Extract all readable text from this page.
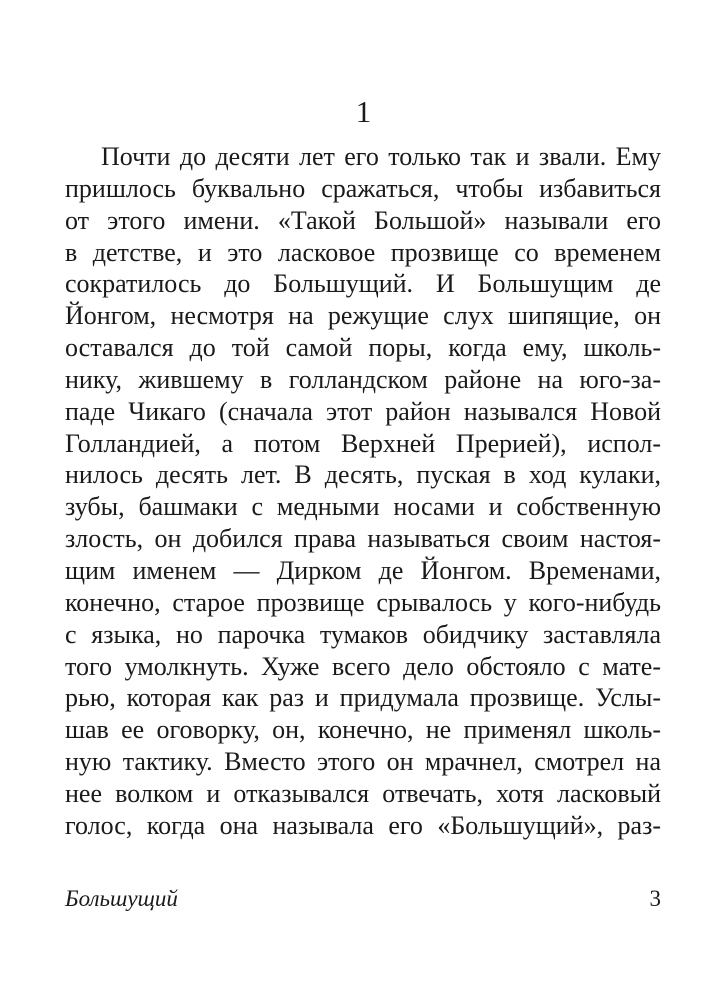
1
Почти до десяти лет его только так и звали. Ему
пришлось буквально сражаться, чтобы избавиться
от этого имени. «Такой Большой» называли его
в детстве, и это ласковое прозвище со временем
сократилось до Большущий. И Большущим де
Йонгом, несмотря на режущие слух шипящие, он
оставался до той самой поры, когда ему, школь-
нику, жившему в голландском районе на юго-за-
паде Чикаго (сначала этот район назывался Новой
Голландией, а потом Верхней Прерией), испол-
нилось десять лет. В десять, пуская в ход кулаки,
зубы, башмаки с медными носами и собственную
злость, он добился права называться своим настоя-
щим именем — Дирком де Йонгом. Временами,
конечно, старое прозвище срывалось у кого-нибудь
с языка, но парочка тумаков обидчику заставляла
того умолкнуть. Хуже всего дело обстояло с мате-
рью, которая как раз и придумала прозвище. Услы-
шав ее оговорку, он, конечно, не применял школь-
ную тактику. Вместо этого он мрачнел, смотрел на
нее волком и отказывался отвечать, хотя ласковый
голос, когда она называла его «Большущий», раз-
Большущий	3
